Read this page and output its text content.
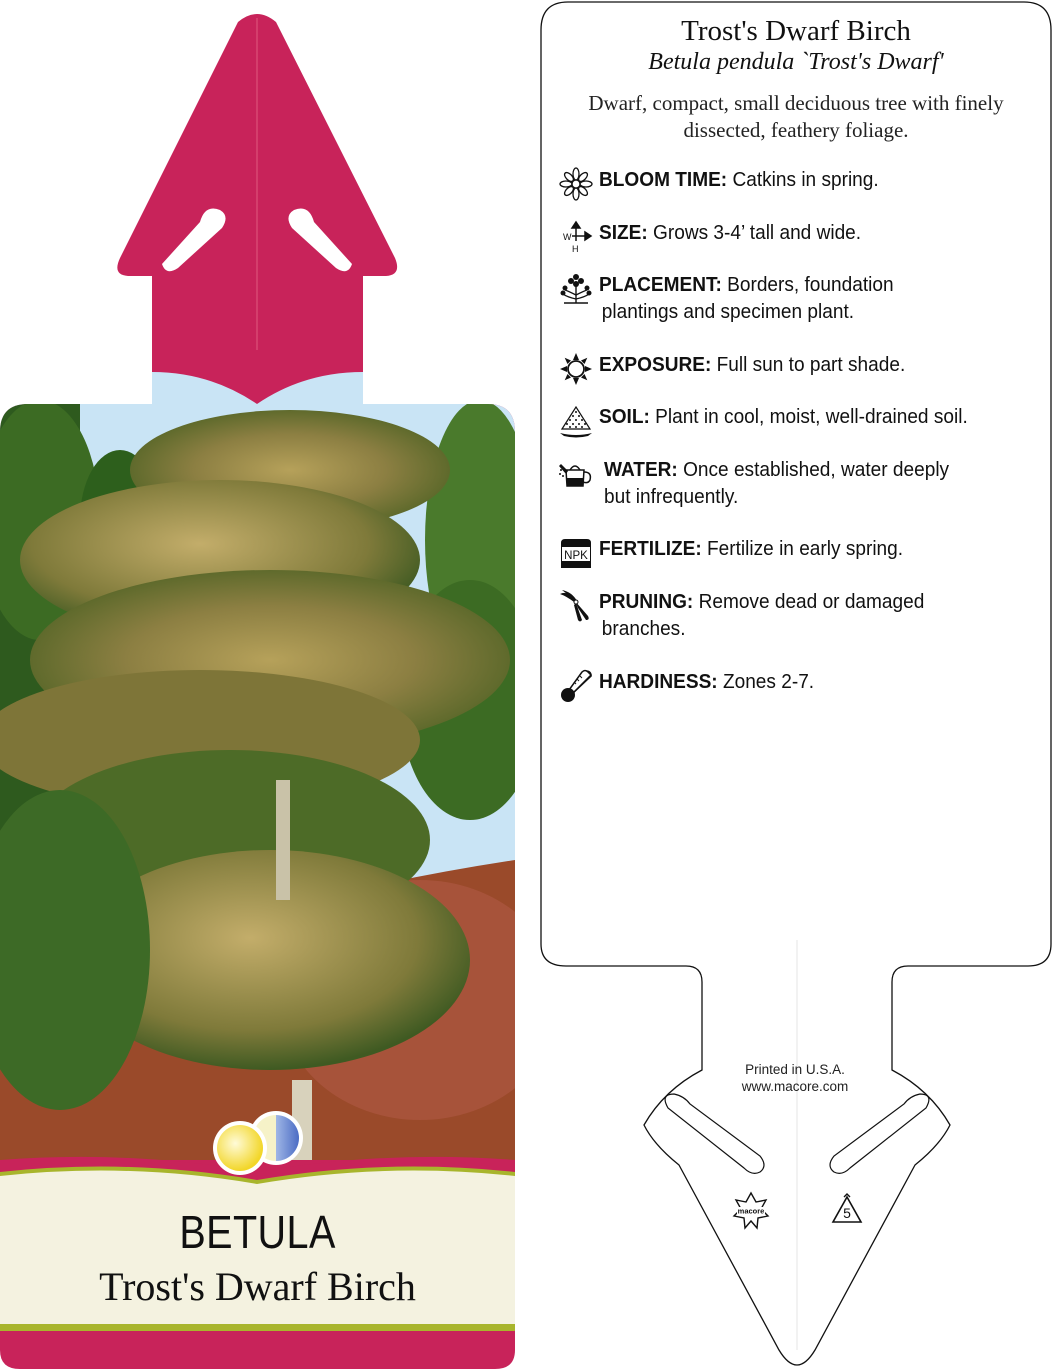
BETULA
Trost's Dwarf Birch
macore	5
Trost's Dwarf Birch
Betula pendula `Trost's Dwarf'
Dwarf, compact, small deciduous tree with finely dissected, feathery foliage.
BLOOM TIME: Catkins in spring.
W
H
SIZE: Grows 3-4’ tall and wide.
PLACEMENT: Borders, foundation
plantings and specimen plant.
EXPOSURE: Full sun to part shade.
SOIL: Plant in cool, moist, well-drained soil.
WATER: Once established, water deeply
but infrequently.
NPK FERTILIZE: Fertilize in early spring.
PRUNING: Remove dead or damaged
branches.
HARDINESS: Zones 2-7.
Printed in U.S.A.
www.macore.com
